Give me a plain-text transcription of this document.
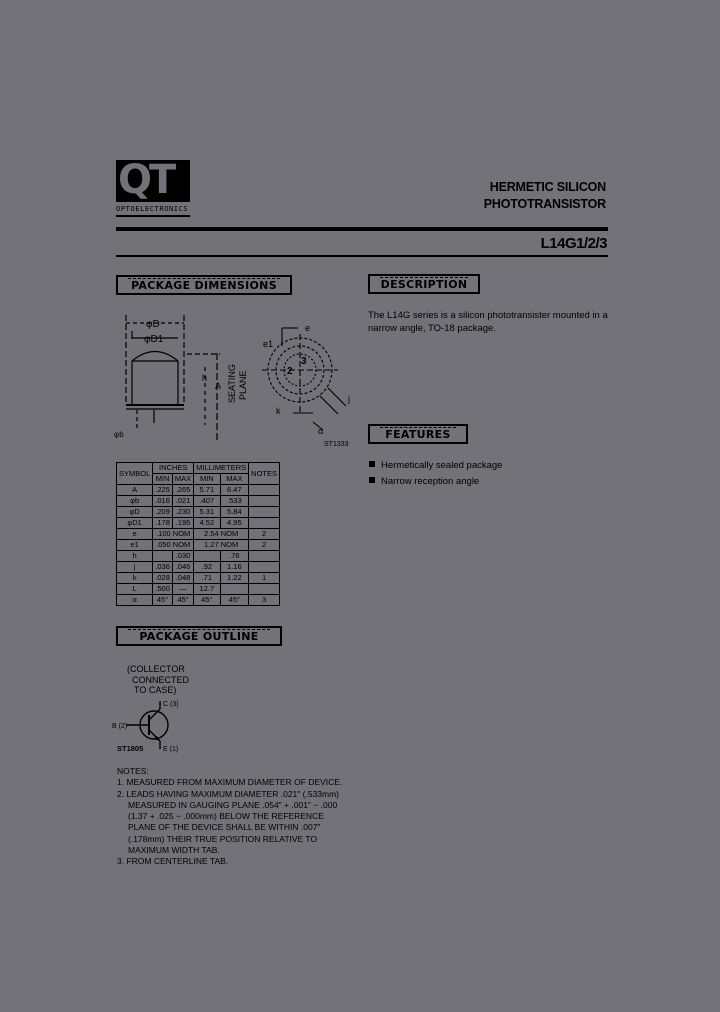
QT
OPTOELECTRONICS
HERMETIC SILICON
PHOTOTRANSISTOR
L14G1/2/3
PACKAGE DIMENSIONS
φD
φD1
A
h
φb
SEATING PLANE
e
e1
2
3
j
k
α
ST1333
SYMBOL	INCHES		MILLIMETERS		NOTES
	MIN	MAX	MIN	MAX	
A	.225	.265	5.71	6.47	
φb	.016	.021	.407	.533	
φD	.209	.230	5.31	5.84	
φD1	.178	.195	4.52	4.95	
e	.100 NOM		2.54 NOM		2
e1	.050 NOM		1.27 NOM		2
h		.030		.76	
j	.036	.046	.92	1.16	
k	.028	.048	.71	1.22	1
L	.500	—	12.7		
α	45°	45°	45°	45°	3
DESCRIPTION
The L14G series is a silicon phototransister mounted in a
narrow angle, TO-18 package.
FEATURES
Hermetically sealed package
Narrow reception angle
PACKAGE OUTLINE
(COLLECTOR
CONNECTED
TO CASE)
C (3)
B (2)
E (1)
ST1805
NOTES:
1. MEASURED FROM MAXIMUM DIAMETER OF DEVICE.
2. LEADS HAVING MAXIMUM DIAMETER .021" (.533mm)
MEASURED IN GAUGING PLANE .054" + .001" − .000
(1.37 + .025 − .000mm) BELOW THE REFERENCE
PLANE OF THE DEVICE SHALL BE WITHIN .007"
(.178mm) THEIR TRUE POSITION RELATIVE TO
MAXIMUM WIDTH TAB.
3. FROM CENTERLINE TAB.
